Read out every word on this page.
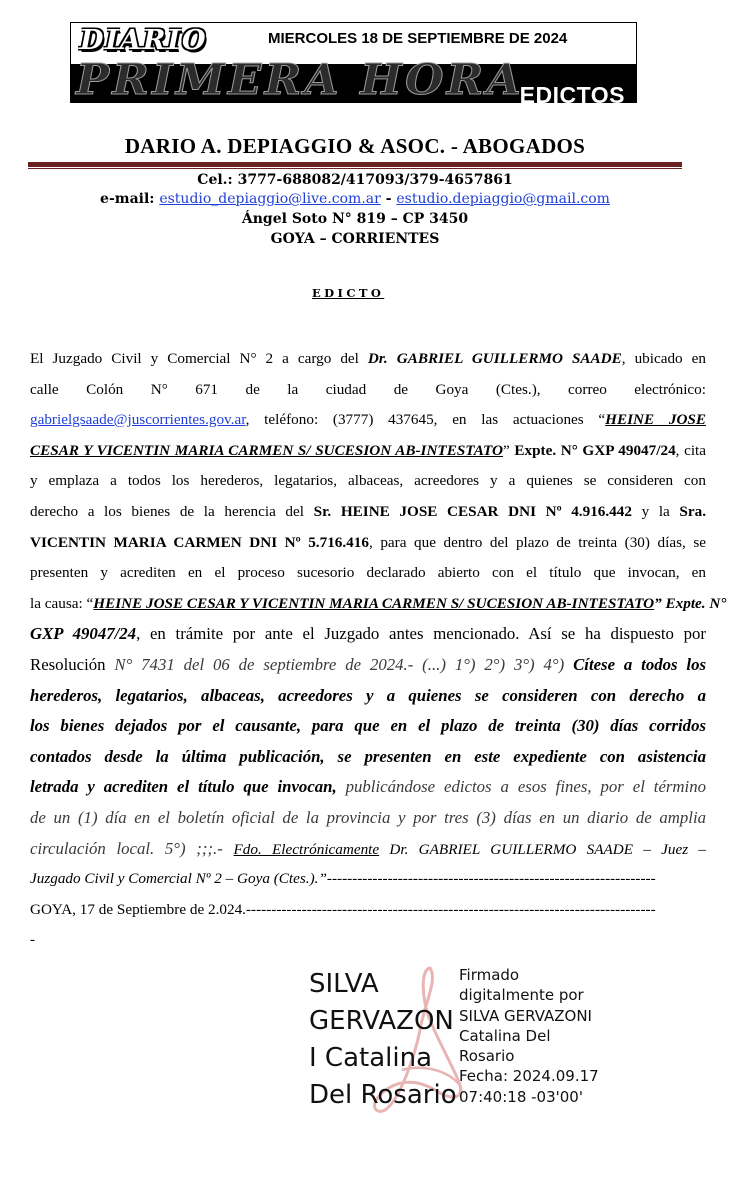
DIARIO	MIERCOLES 18 DE SEPTIEMBRE DE 2024
PRIMERA HORA
EDICTOS
DARIO A. DEPIAGGIO & ASOC. - ABOGADOS
Cel.: 3777-688082/417093/379-4657861
e-mail: estudio_depiaggio@live.com.ar - estudio.depiaggio@gmail.com
Ángel Soto N° 819 – CP 3450
GOYA – CORRIENTES
EDICTO
El Juzgado Civil y Comercial N° 2 a cargo del Dr. GABRIEL GUILLERMO SAADE, ubicado en
calle Colón N° 671 de la ciudad de Goya (Ctes.), correo electrónico:
gabrielgsaade@juscorrientes.gov.ar, teléfono: (3777) 437645, en las actuaciones “HEINE JOSE
CESAR Y VICENTIN MARIA CARMEN S/ SUCESION AB-INTESTATO” Expte. N° GXP 49047/24, cita
y emplaza a todos los herederos, legatarios, albaceas, acreedores y a quienes se consideren con
derecho a los bienes de la herencia del Sr. HEINE JOSE CESAR DNI Nº 4.916.442 y la Sra.
VICENTIN MARIA CARMEN DNI Nº 5.716.416, para que dentro del plazo de treinta (30) días, se
presenten y acrediten en el proceso sucesorio declarado abierto con el título que invocan, en
la causa: “HEINE JOSE CESAR Y VICENTIN MARIA CARMEN S/ SUCESION AB-INTESTATO” Expte. N°
GXP 49047/24, en trámite por ante el Juzgado antes mencionado. Así se ha dispuesto por
Resolución N° 7431 del 06 de septiembre de 2024.- (...) 1°) 2°) 3°) 4°) Cítese a todos los
herederos, legatarios, albaceas, acreedores y a quienes se consideren con derecho a
los bienes dejados por el causante, para que en el plazo de treinta (30) días corridos
contados desde la última publicación, se presenten en este expediente con asistencia
letrada y acrediten el título que invocan, publicándose edictos a esos fines, por el término
de un (1) día en el boletín oficial de la provincia y por tres (3) días en un diario de amplia
circulación local. 5°) ;;;.- Fdo. Electrónicamente Dr. GABRIEL GUILLERMO SAADE – Juez –
Juzgado Civil y Comercial Nº 2 – Goya (Ctes.).”-----------------------------------------------------------------
GOYA, 17 de Septiembre de 2.024.---------------------------------------------------------------------------------
-
SILVA
GERVAZON
I Catalina
Del Rosario
Firmado
digitalmente por
SILVA GERVAZONI
Catalina Del
Rosario
Fecha: 2024.09.17
07:40:18 -03'00'
